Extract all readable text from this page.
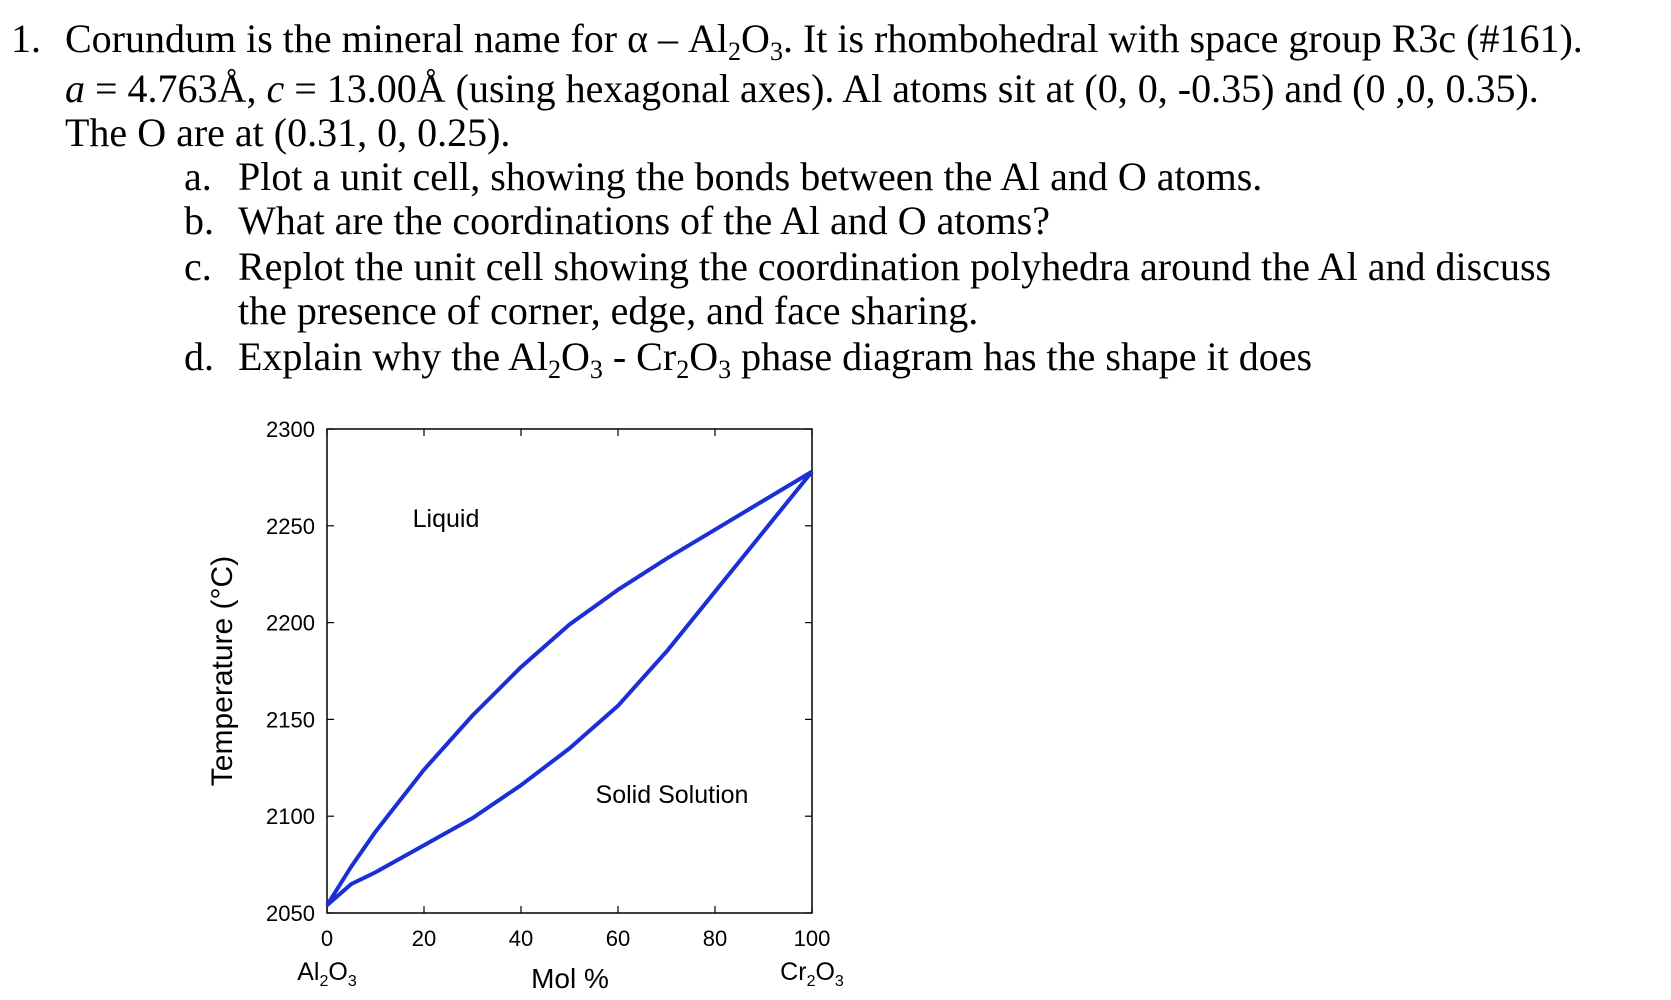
1. Corundum is the mineral name for α – $Al_2O_3$. It is rhombohedral with space group R3c (#161).
a = 4.763Å, c = 13.00Å (using hexagonal axes). Al atoms sit at (0, 0, -0.35) and (0 ,0, 0.35).
The O are at (0.31, 0, 0.25).
a. Plot a unit cell, showing the bonds between the Al and O atoms.
b. What are the coordinations of the Al and O atoms?
c. Replot the unit cell showing the coordination polyhedra around the Al and discuss
the presence of corner, edge, and face sharing.
d. Explain why the $Al_2O_3 - Cr_2O_3$ phase diagram has the shape it does
2050
2100
2150
2200
2250
2300
0	20	40	60	80	100
Liquid
Solid Solution
Temperature (°C)
Mol %
$Al_2O_3$	$Cr_2O_3$
